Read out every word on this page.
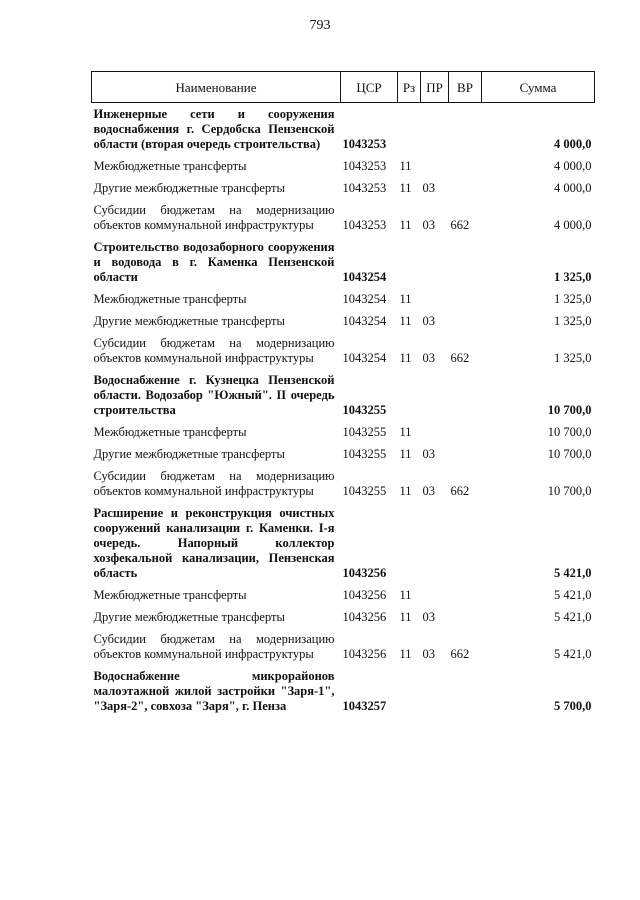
793
Наименование	ЦСР	Рз	ПР	ВР	Сумма
Инженерные сети и сооружения водоснабжения г. Сердобска Пензенской области (вторая очередь строительства)	1043253				4 000,0
Межбюджетные трансферты	1043253	11			4 000,0
Другие межбюджетные трансферты	1043253	11	03		4 000,0
Субсидии бюджетам на модернизацию объектов коммунальной инфраструктуры	1043253	11	03	662	4 000,0
Строительство водозаборного сооружения и водовода в г. Каменка Пензенской области	1043254				1 325,0
Межбюджетные трансферты	1043254	11			1 325,0
Другие межбюджетные трансферты	1043254	11	03		1 325,0
Субсидии бюджетам на модернизацию объектов коммунальной инфраструктуры	1043254	11	03	662	1 325,0
Водоснабжение г. Кузнецка Пензенской области. Водозабор "Южный". II очередь строительства	1043255				10 700,0
Межбюджетные трансферты	1043255	11			10 700,0
Другие межбюджетные трансферты	1043255	11	03		10 700,0
Субсидии бюджетам на модернизацию объектов коммунальной инфраструктуры	1043255	11	03	662	10 700,0
Расширение и реконструкция очистных сооружений канализации г. Каменки. I-я очередь. Напорный коллектор хозфекальной канализации, Пензенская область	1043256				5 421,0
Межбюджетные трансферты	1043256	11			5 421,0
Другие межбюджетные трансферты	1043256	11	03		5 421,0
Субсидии бюджетам на модернизацию объектов коммунальной инфраструктуры	1043256	11	03	662	5 421,0
Водоснабжение микрорайонов малоэтажной жилой застройки "Заря-1", "Заря-2", совхоза "Заря", г. Пенза	1043257				5 700,0
